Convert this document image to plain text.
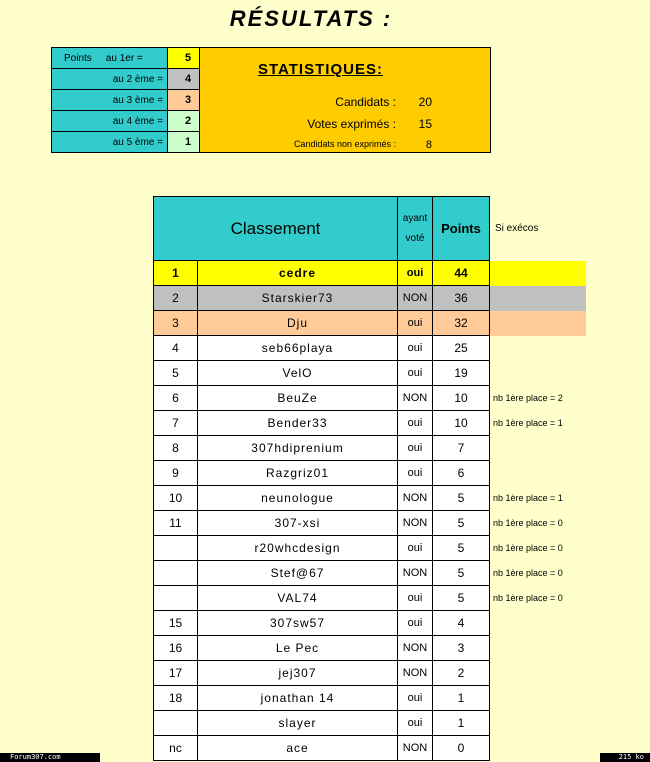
RÉSULTATS :
Points au 1er =	5
au 2 ème =	4
au 3 ème =	3
au 4 ème =	2
au 5 ème =	1
STATISTIQUES:
Candidats : 20
Votes exprimés : 15
Candidats non exprimés :	8
Classement		ayant
voté	Points	Si exécos
1	cedre	oui	44	
2	Starskier73	NON	36	
3	Dju	oui	32	
4	seb66playa	oui	25	
5	VelO	oui	19	
6	BeuZe	NON	10	nb 1ère place = 2
7	Bender33	oui	10	nb 1ère place = 1
8	307hdiprenium	oui	7	
9	Razgriz01	oui	6	
10	neunologue	NON	5	nb 1ère place = 1
11	307-xsi	NON	5	nb 1ère place = 0
	r20whcdesign	oui	5	nb 1ère place = 0
	Stef@67	NON	5	nb 1ère place = 0
	VAL74	oui	5	nb 1ère place = 0
15	307sw57	oui	4	
16	Le Pec	NON	3	
17	jej307	NON	2	
18	jonathan 14	oui	1	
	slayer	oui	1	
nc	ace	NON	0	
Forum307.com	215 ko
